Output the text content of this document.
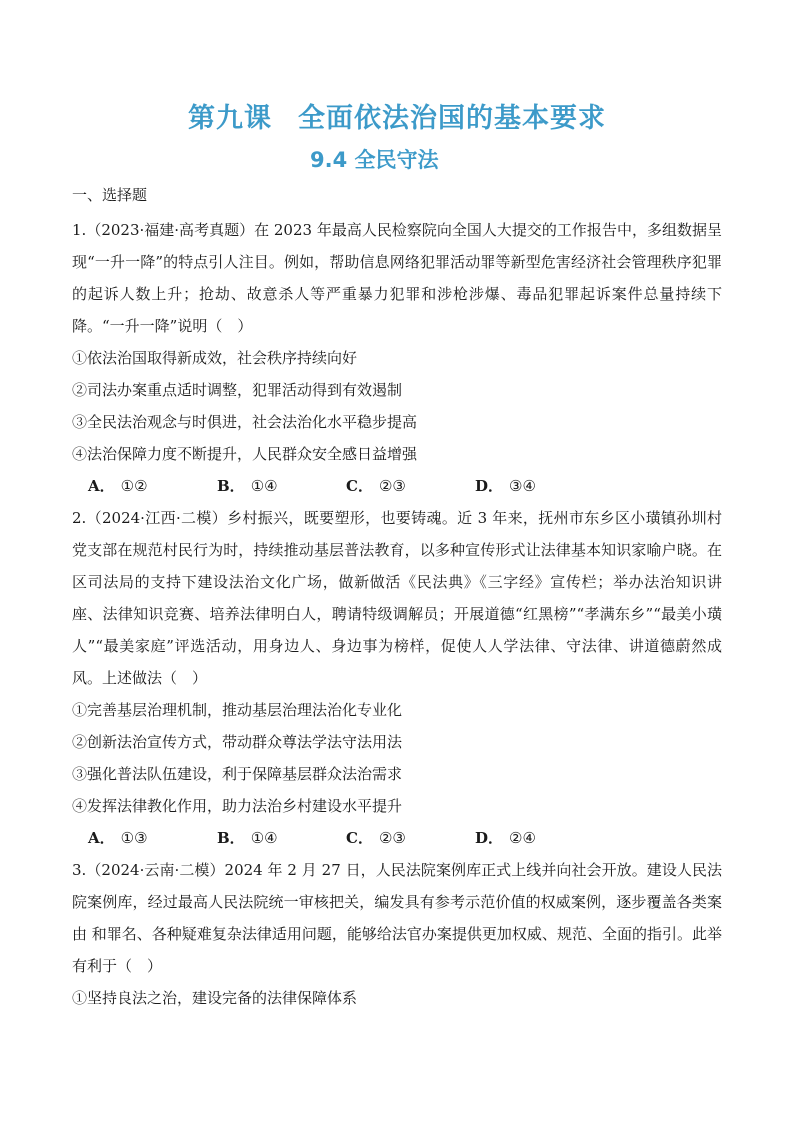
第九课 全面依法治国的基本要求
9.4 全民守法
一、选择题

1.（2023·福建·高考真题）在 2023 年最高人民检察院向全国人大提交的工作报告中，多组数据呈现“一升一降”的特点引人注目。例如，帮助信息网络犯罪活动罪等新型危害经济社会管理秩序犯罪的起诉人数上升；抢劫、故意杀人等严重暴力犯罪和涉枪涉爆、毒品犯罪起诉案件总量持续下降。“一升一降”说明（　）

①依法治国取得新成效，社会秩序持续向好

②司法办案重点适时调整，犯罪活动得到有效遏制

③全民法治观念与时俱进，社会法治化水平稳步提高

④法治保障力度不断提升，人民群众安全感日益增强

A． ①②	B． ①④	C． ②③	D． ③④

2.（2024·江西·二模）乡村振兴，既要塑形，也要铸魂。近 3 年来，抚州市东乡区小璜镇孙圳村党支部在规范村民行为时，持续推动基层普法教育，以多种宣传形式让法律基本知识家喻户晓。在区司法局的支持下建设法治文化广场，做新做活《民法典》《三字经》宣传栏；举办法治知识讲座、法律知识竞赛、培养法律明白人，聘请特级调解员；开展道德“红黑榜”“孝满东乡”“最美小璜人”“最美家庭”评选活动，用身边人、身边事为榜样，促使人人学法律、守法律、讲道德蔚然成风。上述做法（　）

①完善基层治理机制，推动基层治理法治化专业化

②创新法治宣传方式，带动群众尊法学法守法用法

③强化普法队伍建设，利于保障基层群众法治需求

④发挥法律教化作用，助力法治乡村建设水平提升

A． ①③	B． ①④	C． ②③	D． ②④

3.（2024·云南·二模）2024 年 2 月 27 日，人民法院案例库正式上线并向社会开放。建设人民法院案例库，经过最高人民法院统一审核把关，编发具有参考示范价值的权威案例，逐步覆盖各类案由 和罪名、各种疑难复杂法律适用问题，能够给法官办案提供更加权威、规范、全面的指引。此举有利于（　）

①坚持良法之治，建设完备的法律保障体系
